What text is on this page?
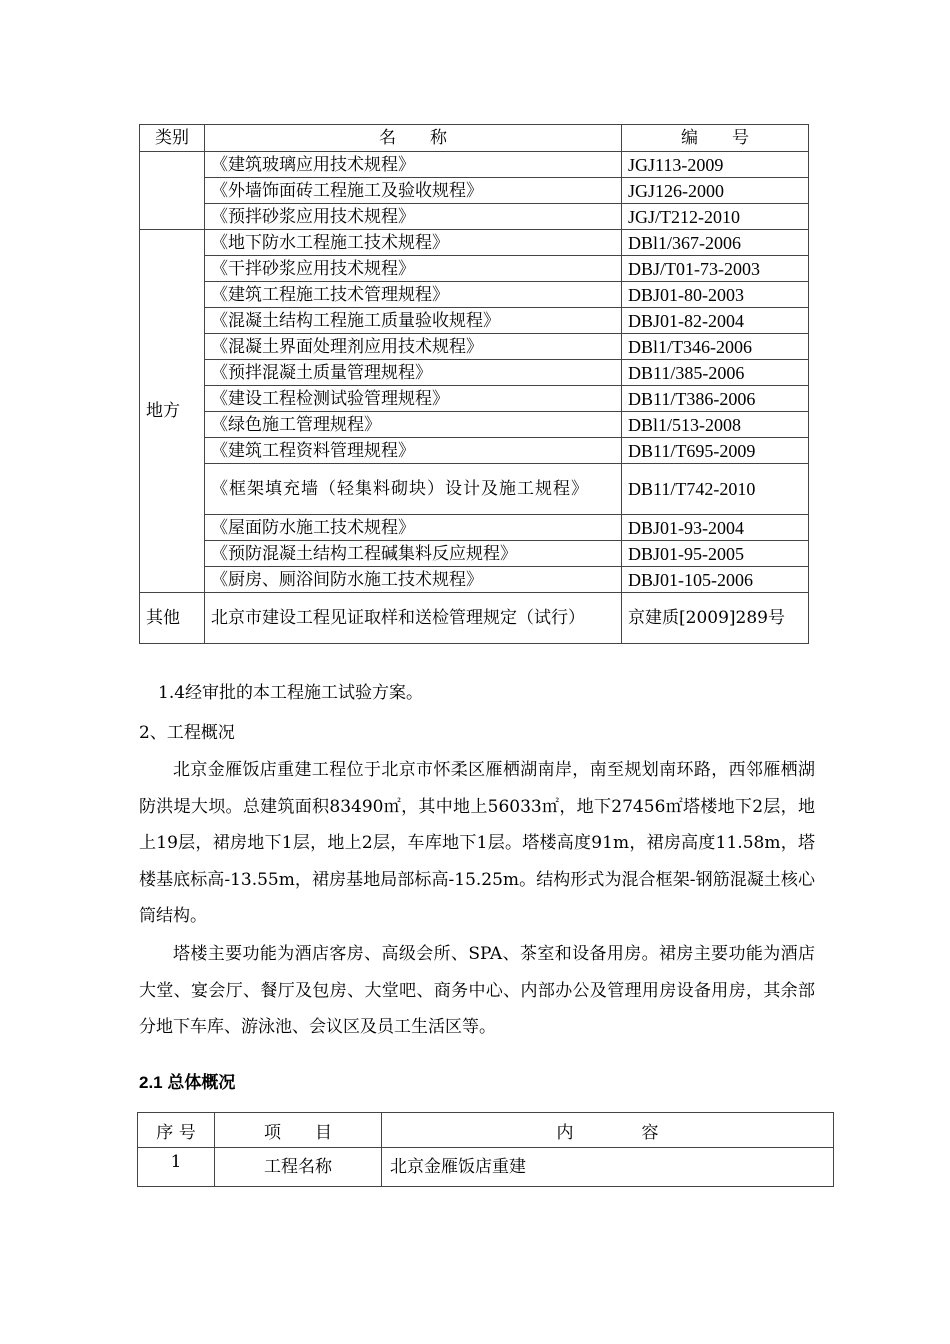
类别	名　　称	编　　号
	《建筑玻璃应用技术规程》	JGJ113-2009
	《外墙饰面砖工程施工及验收规程》	JGJ126-2000
	《预拌砂浆应用技术规程》	JGJ/T212-2010
地方	《地下防水工程施工技术规程》	DBl1/367-2006
	《干拌砂浆应用技术规程》	DBJ/T01-73-2003
	《建筑工程施工技术管理规程》	DBJ01-80-2003
	《混凝土结构工程施工质量验收规程》	DBJ01-82-2004
	《混凝土界面处理剂应用技术规程》	DBl1/T346-2006
	《预拌混凝土质量管理规程》	DB11/385-2006
	《建设工程检测试验管理规程》	DB11/T386-2006
	《绿色施工管理规程》	DBl1/513-2008
	《建筑工程资料管理规程》	DB11/T695-2009
	《框架填充墙（轻集料砌块）设计及施工规程》	DB11/T742-2010
	《屋面防水施工技术规程》	DBJ01-93-2004
	《预防混凝土结构工程碱集料反应规程》	DBJ01-95-2005
	《厨房、厕浴间防水施工技术规程》	DBJ01-105-2006
其他	北京市建设工程见证取样和送检管理规定（试行）	京建质[2009]289号
1.4经审批的本工程施工试验方案。
2、工程概况
北京金雁饭店重建工程位于北京市怀柔区雁栖湖南岸，南至规划南环路，西邻雁栖湖防洪堤大坝。总建筑面积83490㎡，其中地上56033㎡，地下27456㎡塔楼地下2层，地上19层，裙房地下1层，地上2层，车库地下1层。塔楼高度91m，裙房高度11.58m，塔楼基底标高-13.55m，裙房基地局部标高-15.25m。结构形式为混合框架-钢筋混凝土核心筒结构。
塔楼主要功能为酒店客房、高级会所、SPA、茶室和设备用房。裙房主要功能为酒店大堂、宴会厅、餐厅及包房、大堂吧、商务中心、内部办公及管理用房设备用房，其余部分地下车库、游泳池、会议区及员工生活区等。
2.1 总体概况
序 号	项　　目	内　　　　容
1	工程名称	北京金雁饭店重建
